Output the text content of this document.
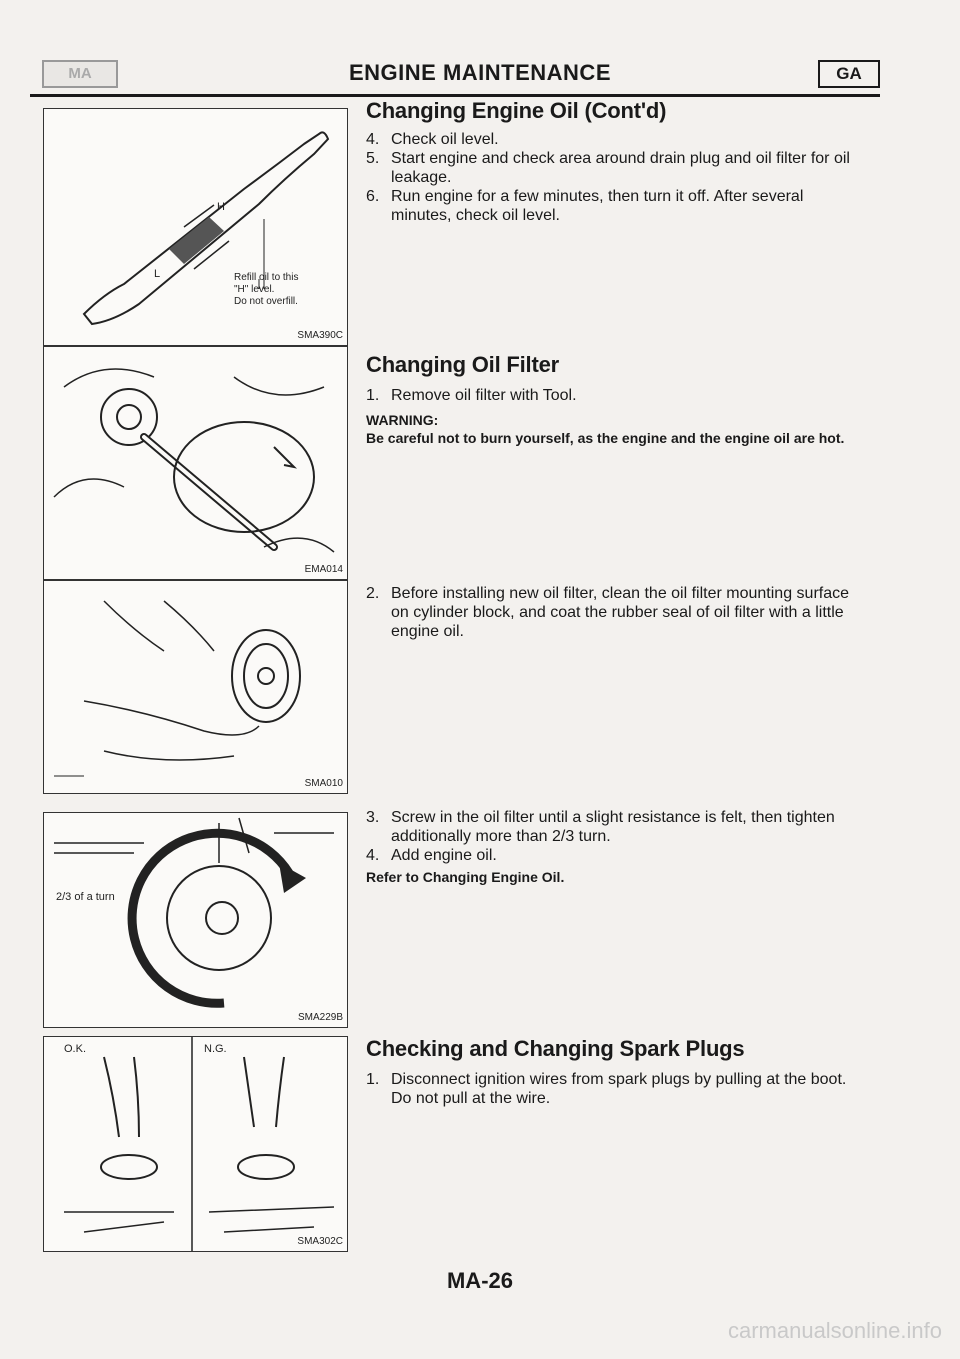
MA	ENGINE MAINTENANCE	GA
H
L	Refill oil to this
"H" level.
Do not overfill.
SMA390C
EMA014
SMA010
2/3 of a turn
SMA229B
O.K.	N.G.
SMA302C
Changing Engine Oil (Cont'd)

4. Check oil level.

5. Start engine and check area around drain plug and oil filter for oil leakage.

6. Run engine for a few minutes, then turn it off. After several minutes, check oil level.

Changing Oil Filter

1. Remove oil filter with Tool.

WARNING:
Be careful not to burn yourself, as the engine and the engine oil are hot.

2. Before installing new oil filter, clean the oil filter mounting surface on cylinder block, and coat the rubber seal of oil filter with a little engine oil.

3. Screw in the oil filter until a slight resistance is felt, then tighten additionally more than 2/3 turn.

4. Add engine oil.

Refer to Changing Engine Oil.
Checking and Changing Spark Plugs

1. Disconnect ignition wires from spark plugs by pulling at the boot. Do not pull at the wire.

MA-26
carmanualsonline.info
